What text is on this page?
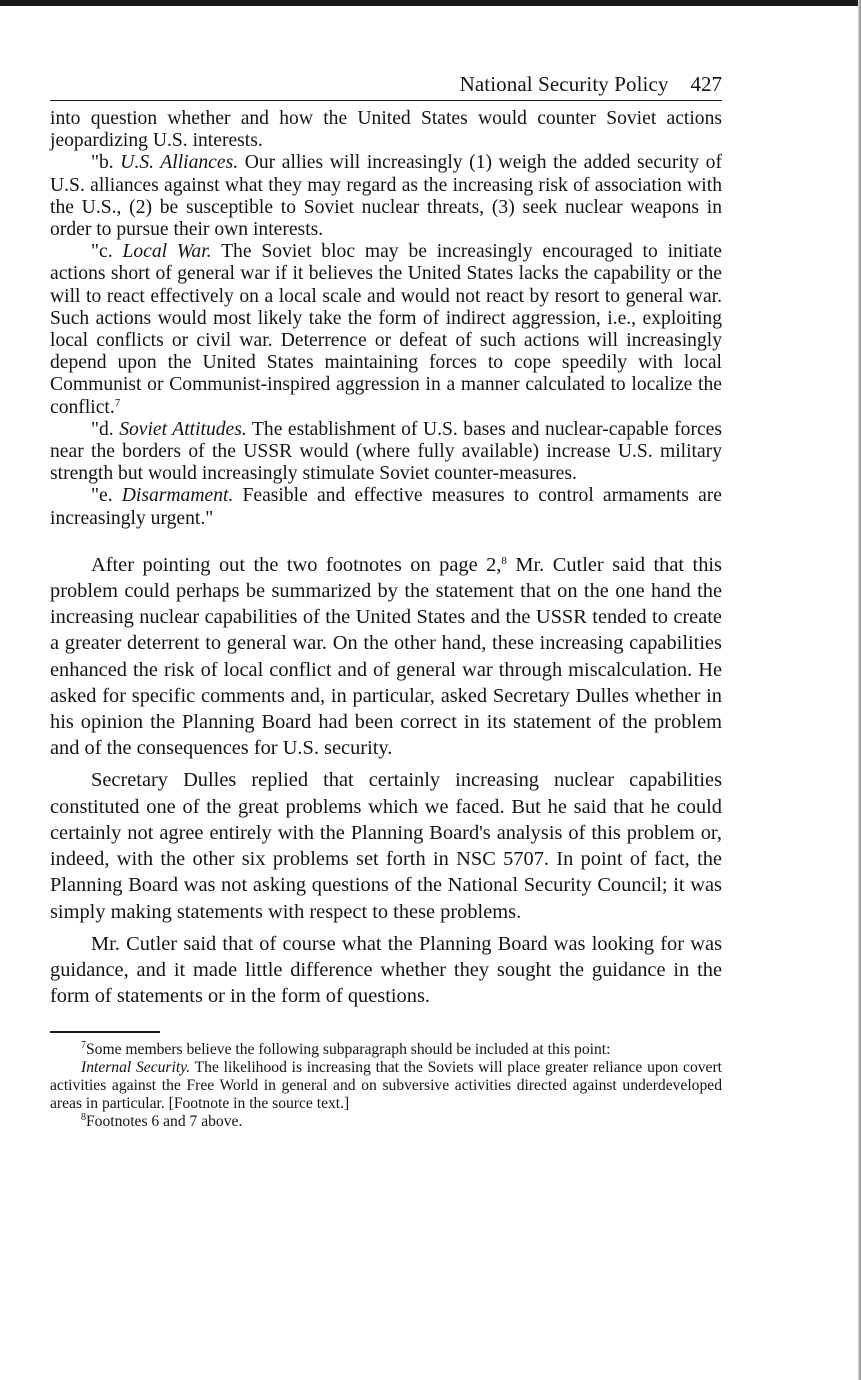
National Security Policy 427

into question whether and how the United States would counter Soviet actions jeopardizing U.S. interests.

"b. U.S. Alliances. Our allies will increasingly (1) weigh the added security of U.S. alliances against what they may regard as the increasing risk of association with the U.S., (2) be susceptible to Soviet nuclear threats, (3) seek nuclear weapons in order to pursue their own interests.

"c. Local War. The Soviet bloc may be increasingly encouraged to initiate actions short of general war if it believes the United States lacks the capability or the will to react effectively on a local scale and would not react by resort to general war. Such actions would most likely take the form of indirect aggression, i.e., exploiting local conflicts or civil war. Deterrence or defeat of such actions will increasingly depend upon the United States maintaining forces to cope speedily with local Communist or Communist-inspired aggression in a manner calculated to localize the conflict.$^7$

"d. Soviet Attitudes. The establishment of U.S. bases and nuclear-capable forces near the borders of the USSR would (where fully available) increase U.S. military strength but would increasingly stimulate Soviet counter-measures.

"e. Disarmament. Feasible and effective measures to control armaments are increasingly urgent."

After pointing out the two footnotes on page 2,$^8$ Mr. Cutler said that this problem could perhaps be summarized by the statement that on the one hand the increasing nuclear capabilities of the United States and the USSR tended to create a greater deterrent to general war. On the other hand, these increasing capabilities enhanced the risk of local conflict and of general war through miscalculation. He asked for specific comments and, in particular, asked Secretary Dulles whether in his opinion the Planning Board had been correct in its statement of the problem and of the consequences for U.S. security.

Secretary Dulles replied that certainly increasing nuclear capabilities constituted one of the great problems which we faced. But he said that he could certainly not agree entirely with the Planning Board's analysis of this problem or, indeed, with the other six problems set forth in NSC 5707. In point of fact, the Planning Board was not asking questions of the National Security Council; it was simply making statements with respect to these problems.

Mr. Cutler said that of course what the Planning Board was looking for was guidance, and it made little difference whether they sought the guidance in the form of statements or in the form of questions.

$^7$Some members believe the following subparagraph should be included at this point:

Internal Security. The likelihood is increasing that the Soviets will place greater reliance upon covert activities against the Free World in general and on subversive activities directed against underdeveloped areas in particular. [Footnote in the source text.]

$^8$Footnotes 6 and 7 above.
